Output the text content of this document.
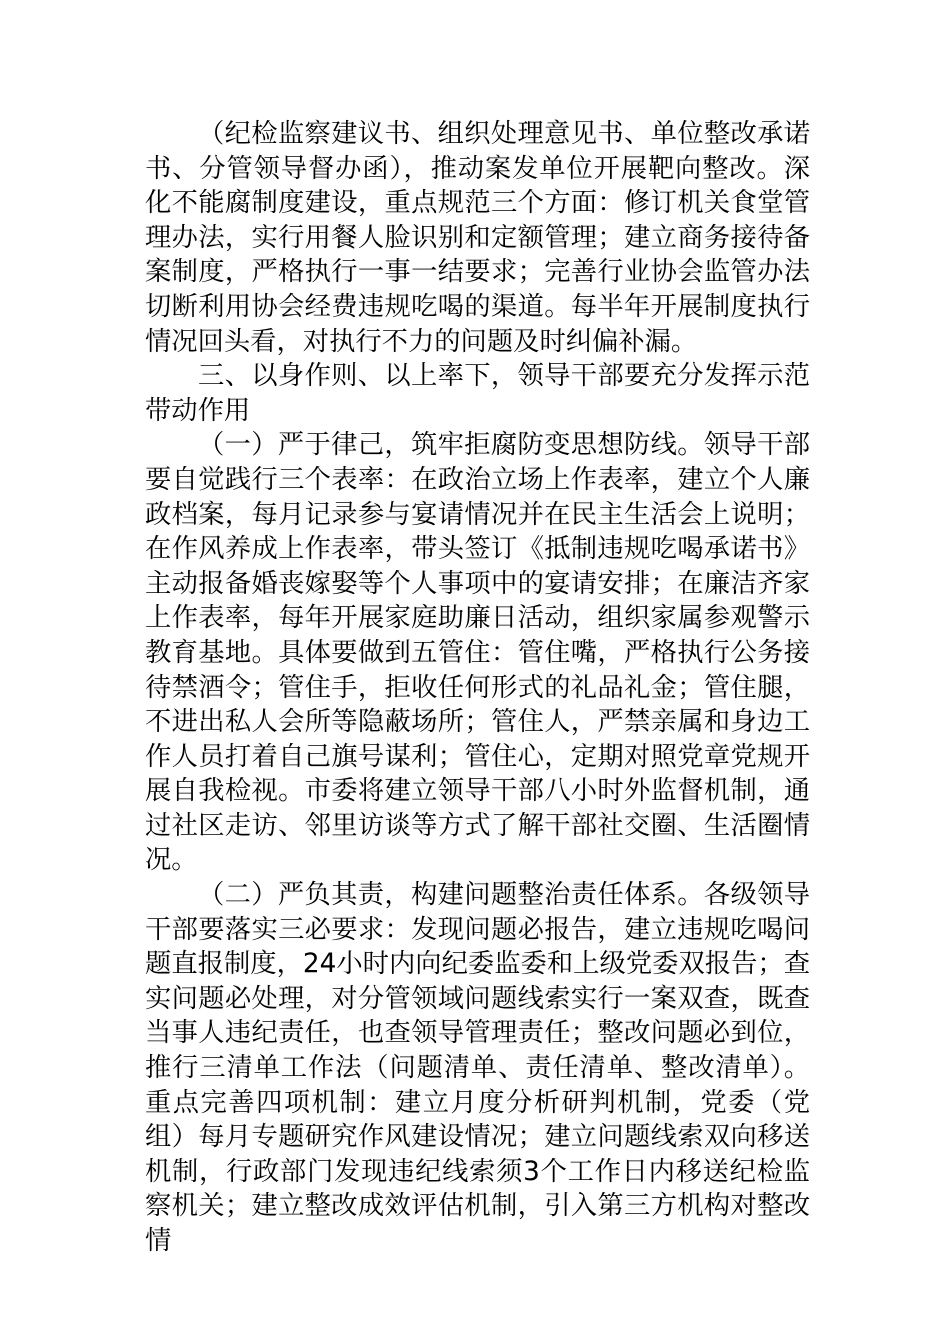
（纪检监察建议书、组织处理意见书、单位整改承诺书、分管领导督办函），推动案发单位开展靶向整改。深化不能腐制度建设，重点规范三个方面：修订机关食堂管理办法，实行用餐人脸识别和定额管理；建立商务接待备案制度，严格执行一事一结要求；完善行业协会监管办法切断利用协会经费违规吃喝的渠道。每半年开展制度执行情况回头看，对执行不力的问题及时纠偏补漏。

三、以身作则、以上率下，领导干部要充分发挥示范带动作用

（一）严于律己，筑牢拒腐防变思想防线。领导干部要自觉践行三个表率：在政治立场上作表率，建立个人廉政档案，每月记录参与宴请情况并在民主生活会上说明；在作风养成上作表率，带头签订《抵制违规吃喝承诺书》主动报备婚丧嫁娶等个人事项中的宴请安排；在廉洁齐家上作表率，每年开展家庭助廉日活动，组织家属参观警示教育基地。具体要做到五管住：管住嘴，严格执行公务接待禁酒令；管住手，拒收任何形式的礼品礼金；管住腿，不进出私人会所等隐蔽场所；管住人，严禁亲属和身边工作人员打着自己旗号谋利；管住心，定期对照党章党规开展自我检视。市委将建立领导干部八小时外监督机制，通过社区走访、邻里访谈等方式了解干部社交圈、生活圈情况。

（二）严负其责，构建问题整治责任体系。各级领导干部要落实三必要求：发现问题必报告，建立违规吃喝问题直报制度，24小时内向纪委监委和上级党委双报告；查实问题必处理，对分管领域问题线索实行一案双查，既查当事人违纪责任，也查领导管理责任；整改问题必到位，推行三清单工作法（问题清单、责任清单、整改清单）。重点完善四项机制：建立月度分析研判机制，党委（党组）每月专题研究作风建设情况；建立问题线索双向移送机制，行政部门发现违纪线索须3个工作日内移送纪检监察机关；建立整改成效评估机制，引入第三方机构对整改情
